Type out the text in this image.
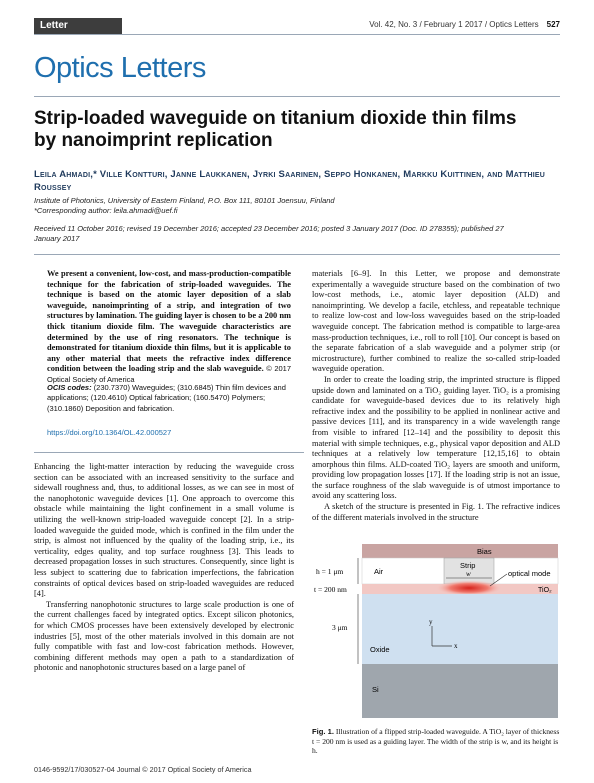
Letter	Vol. 42, No. 3 / February 1 2017 / Optics Letters 527
Optics Letters
Strip-loaded waveguide on titanium dioxide thin films by nanoimprint replication
Leila Ahmadi,* Ville Kontturi, Janne Laukkanen, Jyrki Saarinen, Seppo Honkanen, Markku Kuittinen, and Matthieu Roussey
Institute of Photonics, University of Eastern Finland, P.O. Box 111, 80101 Joensuu, Finland
*Corresponding author: leila.ahmadi@uef.fi
Received 11 October 2016; revised 19 December 2016; accepted 23 December 2016; posted 3 January 2017 (Doc. ID 278355); published 27 January 2017
We present a convenient, low-cost, and mass-production-compatible technique for the fabrication of strip-loaded waveguides. The technique is based on the atomic layer deposition of a slab waveguide, nanoimprinting of a strip, and integration of two structures by lamination. The guiding layer is chosen to be a 200 nm thick titanium dioxide film. The waveguide characteristics are determined by the use of ring resonators. The technique is demonstrated for titanium dioxide thin films, but it is applicable to any other material that meets the refractive index difference condition between the loading strip and the slab waveguide. © 2017 Optical Society of America
OCIS codes: (230.7370) Waveguides; (310.6845) Thin film devices and applications; (120.4610) Optical fabrication; (160.5470) Polymers; (310.1860) Deposition and fabrication.
https://doi.org/10.1364/OL.42.000527

Enhancing the light-matter interaction by reducing the waveguide cross section can be associated with an increased sensitivity to the surface and sidewall roughness and, thus, to additional losses, as we can see in most of the nanophotonic waveguide devices [1]. One approach to overcome this obstacle while maintaining the light confinement in a small volume is utilizing the well-known strip-loaded waveguide concept [2]. In a strip-loaded waveguide the guided mode, which is confined in the film under the strip, is almost not influenced by the quality of the loading strip, i.e., its verticality, edges quality, and top surface roughness [3]. This leads to decreased propagation losses in such structures. Consequently, since light is less subject to scattering due to fabrication imperfections, the fabrication constraints of optical devices based on strip-loaded waveguides are reduced [4].

Transferring nanophotonic structures to large scale production is one of the current challenges faced by integrated optics. Except silicon photonics, for which CMOS processes have been extensively developed by electronic industries [5], most of the other materials involved in this domain are not fully compatible with fast and low-cost fabrication methods. However, combining different methods may open a path to a standardization of photonic and nanophotonic structures based on a large panel of

materials [6–9]. In this Letter, we propose and demonstrate experimentally a waveguide structure based on the combination of two low-cost methods, i.e., atomic layer deposition (ALD) and nanoimprinting. We develop a facile, etchless, and repeatable technique to realize low-cost and low-loss waveguides based on the strip-loaded waveguide concept. The fabrication method is compatible to large-area mass-production techniques, i.e., roll to roll [10]. Our concept is based on the separate fabrication of a slab waveguide and a polymer strip (or microstructure), further combined to realize the so-called strip-loaded waveguide operation.

In order to create the loading strip, the imprinted structure is flipped upside down and laminated on a TiO₂ guiding layer. TiO₂ is a promising candidate for waveguide-based devices due to its relatively high refractive index and the possibility to be applied in nonlinear active and passive devices [11], and its transparency in a wide wavelength range from visible to infrared [12–14] and the possibility to deposit this material with simple techniques, e.g., physical vapor deposition and ALD techniques at a relatively low temperature [12,15,16] to obtain amorphous thin films. ALD-coated TiO₂ layers are smooth and uniform, providing low propagation losses [17]. If the loading strip is not an issue, the surface roughness of the slab waveguide is of utmost importance to avoid any scattering loss.

A sketch of the structure is presented in Fig. 1. The refractive indices of the different materials involved in the structure

Bias
Air
Strip
w	optical mode
h = 1 μm
t = 200 nm	TiO₂
3 μm
Oxide
Si
y
x
Fig. 1. Illustration of a flipped strip-loaded waveguide. A TiO₂ layer of thickness t = 200 nm is used as a guiding layer. The width of the strip is w, and its height is h.
0146-9592/17/030527-04 Journal © 2017 Optical Society of America
